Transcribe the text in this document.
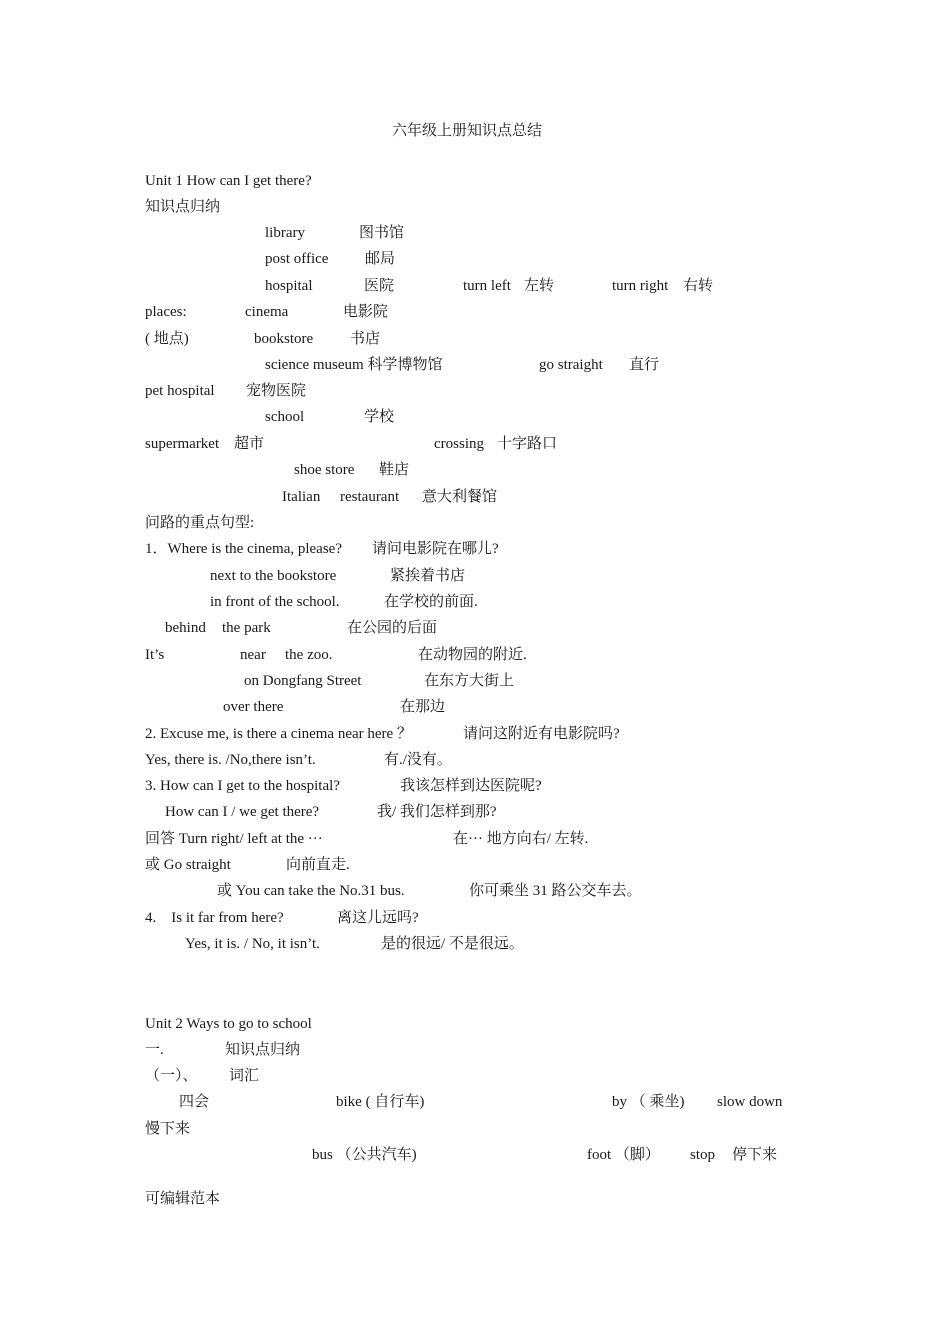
六年级上册知识点总结
Unit 1 How can I get there?
知识点归纳
library	图书馆
post office 邮局
hospital	医院	turn left 左转	turn right 右转
places:	cinema	电影院
( 地点)	bookstore 书店
science museum 科学博物馆	go straight 直行
pet hospital 宠物医院
school	学校
supermarket 超市	crossing 十字路口
shoe store 鞋店
Italian restaurant 意大利餐馆
问路的重点句型:
1．Where is the cinema, please? 请问电影院在哪儿?
next to the bookstore	紧挨着书店
in front of the school.	在学校的前面.
behind the park	在公园的后面
It’s	near the zoo.	在动物园的附近.
on Dongfang Street	在东方大街上
over there	在那边
2. Excuse me, is there a cinema near here ？	请问这附近有电影院吗?
Yes, there is. /No,there isn’t.	有./没有。
3. How can I get to the hospital?	我该怎样到达医院呢?
How can I / we get there?	我/ 我们怎样到那?
回答 Turn right/ left at the ···	在··· 地方向右/ 左转.
或 Go straight	向前直走.
或 You can take the No.31 bus.	你可乘坐 31 路公交车去。
4.　Is it far from here?	离这儿远吗?
Yes, it is. / No, it isn’t.	是的很远/ 不是很远。
Unit 2 Ways to go to school
一.	知识点归纳
（一）、 词汇
四会	bike ( 自行车)	by （ 乘坐) slow down
慢下来
bus （公共汽车)	foot （脚） stop 停下来
可编辑范本
